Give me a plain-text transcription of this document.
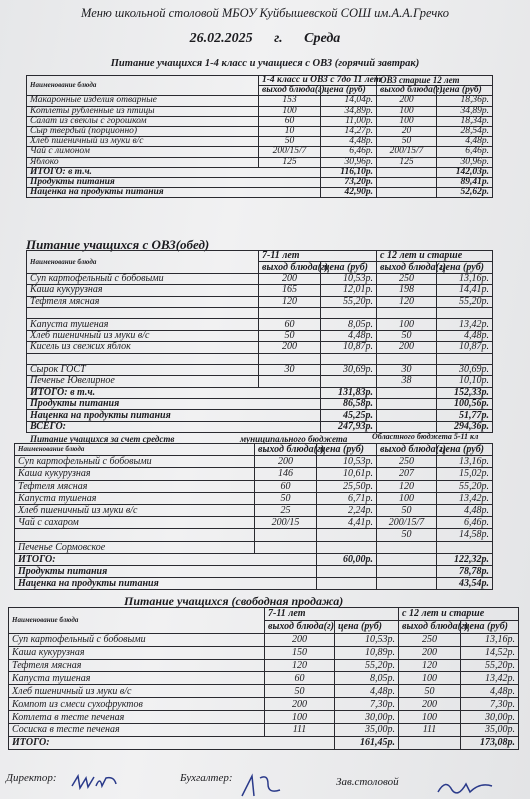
Меню школьной столовой МБОУ Куйбышевской СОШ им.А.А.Гречко
26.02.2025 г. Среда
Питание учащихся 1-4 класс и учащиеся с ОВЗ (горячий завтрак)
Наименование блюда	1-4 класс и ОВЗ с 7до 11 лет		ОВЗ старше 12 лет	
	выход блюда(г)	цена (руб)	выход блюда(г)	цена (руб)
Макаронные изделия отварные	153	14,04р.	200	18,36р.
Котлеты рубленные из птицы	100	34,89р.	100	34,89р.
Салат из свеклы с горошком	60	11,00р.	100	18,34р.
Сыр твердый (порционно)	10	14,27р.	20	28,54р.
Хлеб пшеничный из муки в/с	50	4,48р.	50	4,48р.
Чай с лимоном	200/15/7	6,46р.	200/15/7	6,46р.
Яблоко	125	30,96р.	125	30,96р.
ИТОГО: в т.ч.		116,10р.		142,03р.
Продукты питания		73,20р.		89,41р.
Наценка на продукты питания		42,90р.		52,62р.
Питание учащихся с ОВЗ(обед)
Наименование блюда	7-11 лет		с 12 лет и старше	
	выход блюда(г)	цена (руб)	выход блюда(г)	цена (руб)
Суп картофельный с бобовыми	200	10,53р.	250	13,16р.
Каша кукурузная	165	12,01р.	198	14,41р.
Тефтеля мясная	120	55,20р.	120	55,20р.

Капуста тушеная	60	8,05р.	100	13,42р.
Хлеб пшеничный из муки в/с	50	4,48р.	50	4,48р.
Кисель из свежих яблок	200	10,87р.	200	10,87р.

Сырок ГОСТ	30	30,69р.	30	30,69р.
Печенье Ювелирное			38	10,10р.
ИТОГО: в т.ч.		131,83р.		152,33р.
Продукты питания		86,58р.		100,56р.
Наценка на продукты питания		45,25р.		51,77р.
ВСЕГО:		247,93р.		294,36р.
Питание учащихся за счет средств	муниципального бюджета	Областного бюджета 5-11 кл
Наименование блюда	выход блюда(г)	цена (руб)	выход блюда(г)	цена (руб)
Суп картофельный с бобовыми	200	10,53р.	250	13,16р.
Каша кукурузная	146	10,61р.	207	15,02р.
Тефтеля мясная	60	25,50р.	120	55,20р.
Капуста тушеная	50	6,71р.	100	13,42р.
Хлеб пшеничный из муки в/с	25	2,24р.	50	4,48р.
Чай с сахаром	200/15	4,41р.	200/15/7	6,46р.
			50	14,58р.
Печенье Сормовское				
ИТОГО:		60,00р.		122,32р.
Продукты питания				78,78р.
Наценка на продукты питания				43,54р.
Питание учащихся (свободная продажа)
Наименование блюда	7-11 лет		с 12 лет и старше	
	выход блюда(г)	цена (руб)	выход блюда(г)	цена (руб)
Суп картофельный с бобовыми	200	10,53р.	250	13,16р.
Каша кукурузная	150	10,89р.	200	14,52р.
Тефтеля мясная	120	55,20р.	120	55,20р.
Капуста тушеная	60	8,05р.	100	13,42р.
Хлеб пшеничный из муки в/с	50	4,48р.	50	4,48р.
Компот из смеси сухофруктов	200	7,30р.	200	7,30р.
Котлета в тесте печеная	100	30,00р.	100	30,00р.
Сосиска в тесте печеная	111	35,00р.	111	35,00р.
ИТОГО:		161,45р.		173,08р.
Директор:	Бухгалтер:	Зав.столовой
